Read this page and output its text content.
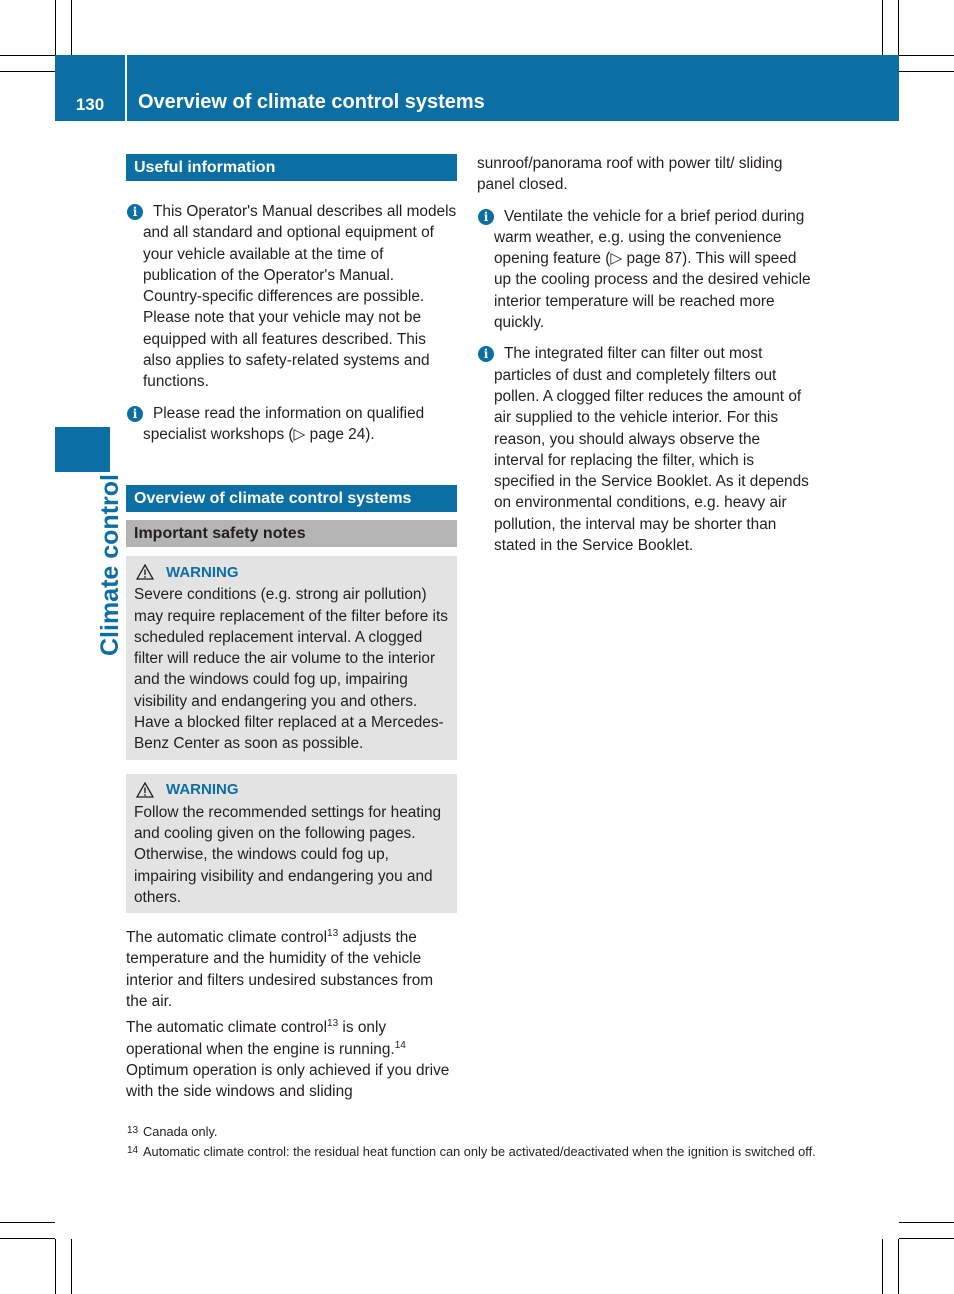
130	Overview of climate control systems
Climate control
Useful information
i	This Operator's Manual describes all models and all standard and optional equipment of your vehicle available at the time of publication of the Operator's Manual. Country-specific differences are possible. Please note that your vehicle may not be equipped with all features described. This also applies to safety-related systems and functions.
i	Please read the information on qualified specialist workshops (▷ page 24).
Overview of climate control systems
Important safety notes
WARNING

Severe conditions (e.g. strong air pollution) may require replacement of the filter before its scheduled replacement interval. A clogged filter will reduce the air volume to the interior and the windows could fog up, impairing visibility and endangering you and others. Have a blocked filter replaced at a Mercedes-Benz Center as soon as possible.

WARNING

Follow the recommended settings for heating and cooling given on the following pages. Otherwise, the windows could fog up, impairing visibility and endangering you and others.

The automatic climate control$^{13}$ adjusts the temperature and the humidity of the vehicle interior and filters undesired substances from the air.

The automatic climate control$^{13}$ is only operational when the engine is running.$^{14}$ Optimum operation is only achieved if you drive with the side windows and sliding

sunroof/panorama roof with power tilt/ sliding panel closed.

i	Ventilate the vehicle for a brief period during warm weather, e.g. using the convenience opening feature (▷ page 87). This will speed up the cooling process and the desired vehicle interior temperature will be reached more quickly.
i	The integrated filter can filter out most particles of dust and completely filters out pollen. A clogged filter reduces the amount of air supplied to the vehicle interior. For this reason, you should always observe the interval for replacing the filter, which is specified in the Service Booklet. As it depends on environmental conditions, e.g. heavy air pollution, the interval may be shorter than stated in the Service Booklet.
13 Canada only.
14 Automatic climate control: the residual heat function can only be activated/deactivated when the ignition is switched off.
